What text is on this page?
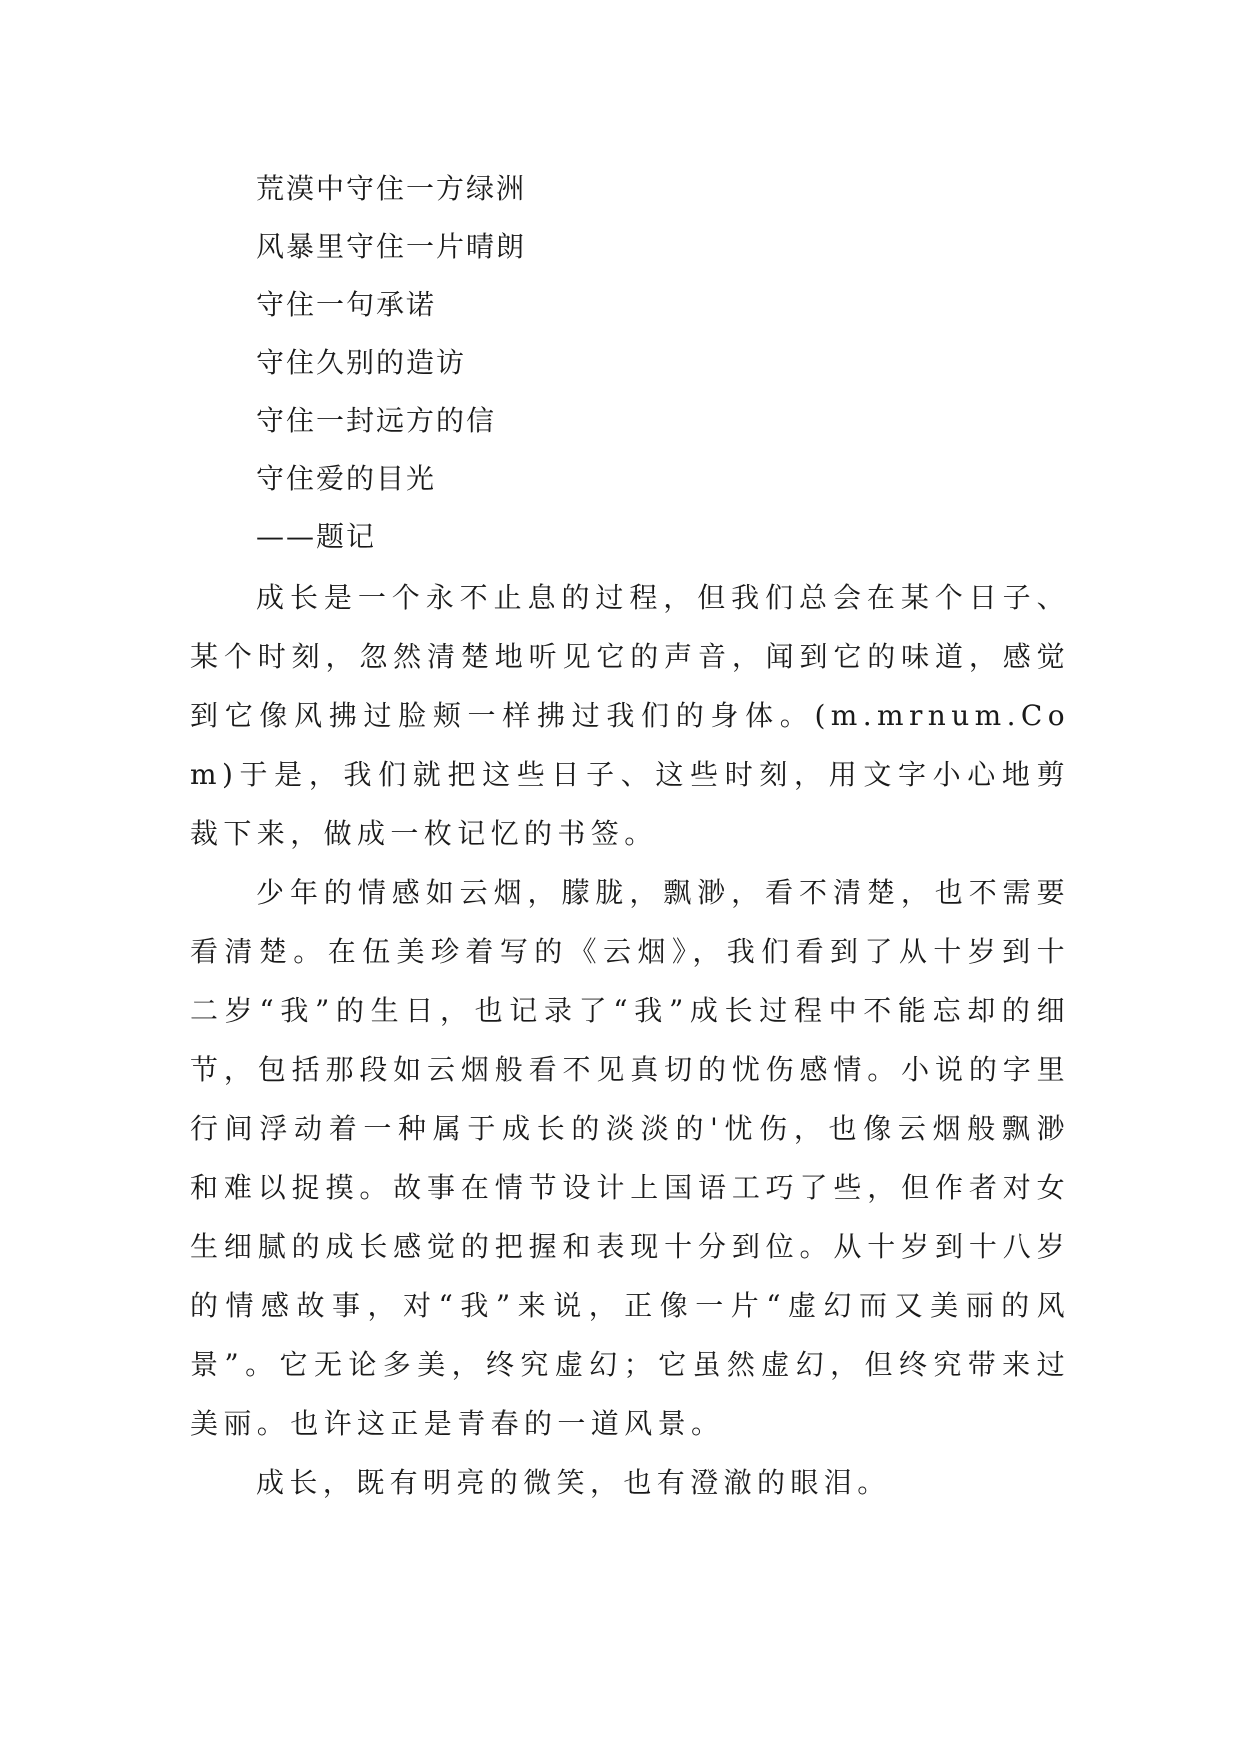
荒漠中守住一方绿洲
风暴里守住一片晴朗
守住一句承诺
守住久别的造访
守住一封远方的信
守住爱的目光
——题记

成长是一个永不止息的过程，但我们总会在某个日子、某个时刻，忽然清楚地听见它的声音，闻到它的味道，感觉到它像风拂过脸颊一样拂过我们的身体。(m.mrnum.Com)于是，我们就把这些日子、这些时刻，用文字小心地剪裁下来，做成一枚记忆的书签。

少年的情感如云烟，朦胧，飘渺，看不清楚，也不需要看清楚。在伍美珍着写的《云烟》，我们看到了从十岁到十二岁“我”的生日，也记录了“我”成长过程中不能忘却的细节，包括那段如云烟般看不见真切的忧伤感情。小说的字里行间浮动着一种属于成长的淡淡的'忧伤，也像云烟般飘渺和难以捉摸。故事在情节设计上国语工巧了些，但作者对女生细腻的成长感觉的把握和表现十分到位。从十岁到十八岁的情感故事，对“我”来说，正像一片“虚幻而又美丽的风景”。它无论多美，终究虚幻；它虽然虚幻，但终究带来过美丽。也许这正是青春的一道风景。

成长，既有明亮的微笑，也有澄澈的眼泪。
